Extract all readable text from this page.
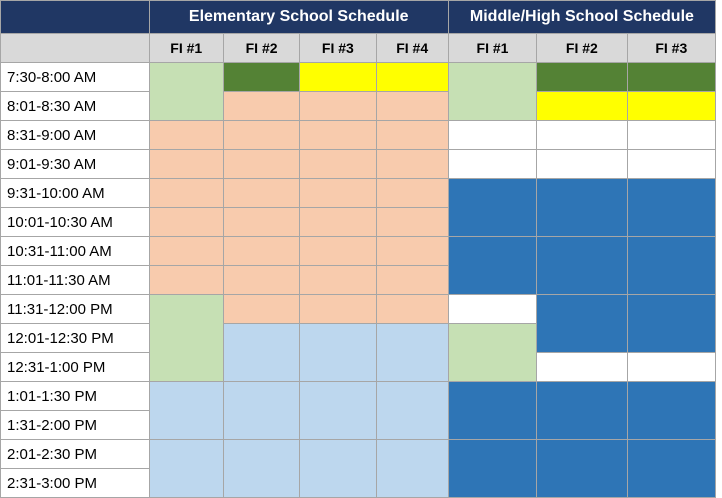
	Elementary School Schedule				Middle/High School Schedule		
	FI #1	FI #2	FI #3	FI #4	FI #1	FI #2	FI #3
7:30-8:00 AM							
8:01-8:30 AM							
8:31-9:00 AM							
9:01-9:30 AM							
9:31-10:00 AM							
10:01-10:30 AM							
10:31-11:00 AM							
11:01-11:30 AM							
11:31-12:00 PM							
12:01-12:30 PM							
12:31-1:00 PM							
1:01-1:30 PM							
1:31-2:00 PM							
2:01-2:30 PM							
2:31-3:00 PM							
